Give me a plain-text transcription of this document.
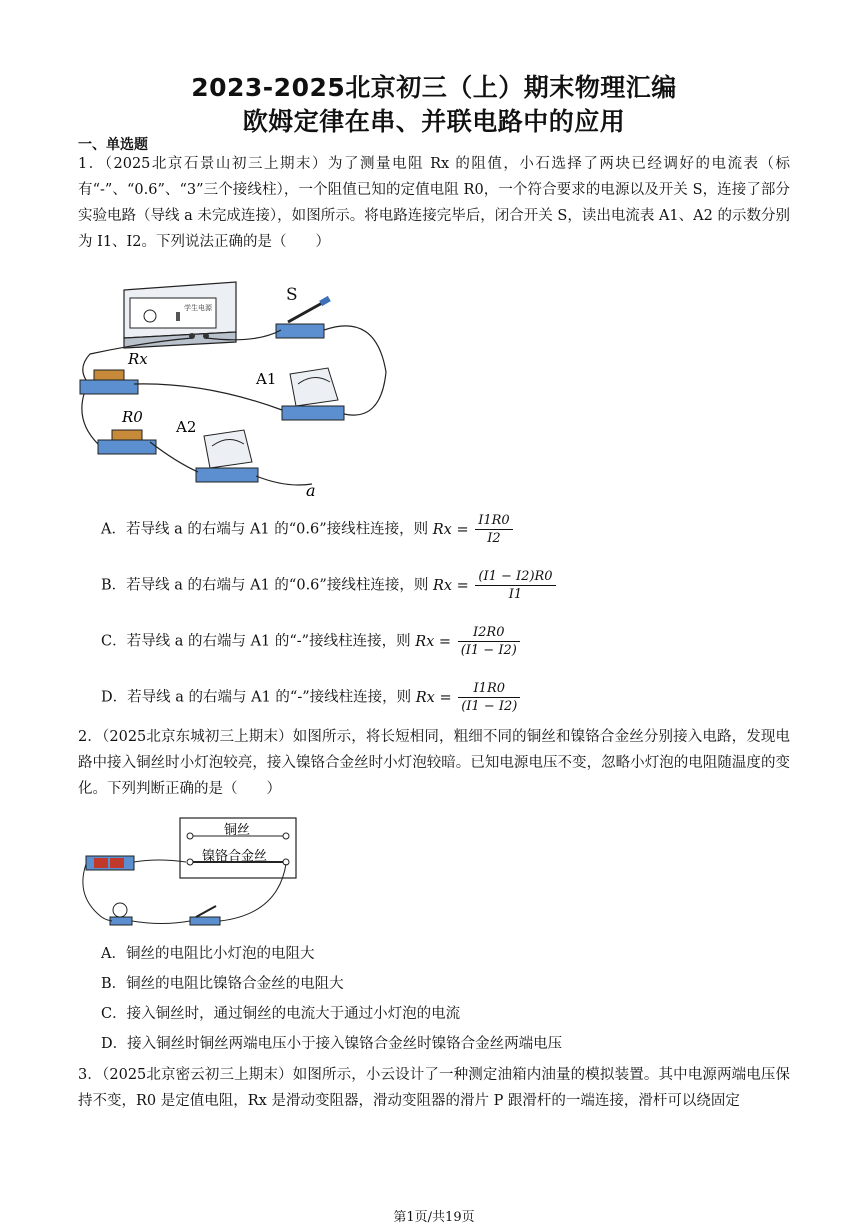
2023-2025北京初三（上）期末物理汇编
欧姆定律在串、并联电路中的应用
一、单选题
1．（2025北京石景山初三上期末）为了测量电阻 Rx 的阻值，小石选择了两块已经调好的电流表（标有“-”、“0.6”、“3”三个接线柱），一个阻值已知的定值电阻 R0，一个符合要求的电源以及开关 S，连接了部分实验电路（导线 a 未完成连接），如图所示。将电路连接完毕后，闭合开关 S，读出电流表 A1、A2 的示数分别为 I1、I2。下列说法正确的是（　　）
学生电源
S
Rx
R0
A1
A2
a
A．若导线 a 的右端与 A1 的“0.6”接线柱连接，则 $Rx = \frac{I1R0}{I2}$
B．若导线 a 的右端与 A1 的“0.6”接线柱连接，则 $Rx = \frac{(I1 - I2)R0}{I1}$
C．若导线 a 的右端与 A1 的“-”接线柱连接，则 $Rx = \frac{I2R0}{(I1 - I2)}$
D．若导线 a 的右端与 A1 的“-”接线柱连接，则 $Rx = \frac{I1R0}{(I1 - I2)}$
2．（2025北京东城初三上期末）如图所示，将长短相同，粗细不同的铜丝和镍铬合金丝分别接入电路，发现电路中接入铜丝时小灯泡较亮，接入镍铬合金丝时小灯泡较暗。已知电源电压不变，忽略小灯泡的电阻随温度的变化。下列判断正确的是（　　）
铜丝
镍铬合金丝
A．铜丝的电阻比小灯泡的电阻大
B．铜丝的电阻比镍铬合金丝的电阻大
C．接入铜丝时，通过铜丝的电流大于通过小灯泡的电流
D．接入铜丝时铜丝两端电压小于接入镍铬合金丝时镍铬合金丝两端电压
3．（2025北京密云初三上期末）如图所示，小云设计了一种测定油箱内油量的模拟装置。其中电源两端电压保持不变，R0 是定值电阻，Rx 是滑动变阻器，滑动变阻器的滑片 P 跟滑杆的一端连接，滑杆可以绕固定
第1页/共19页
